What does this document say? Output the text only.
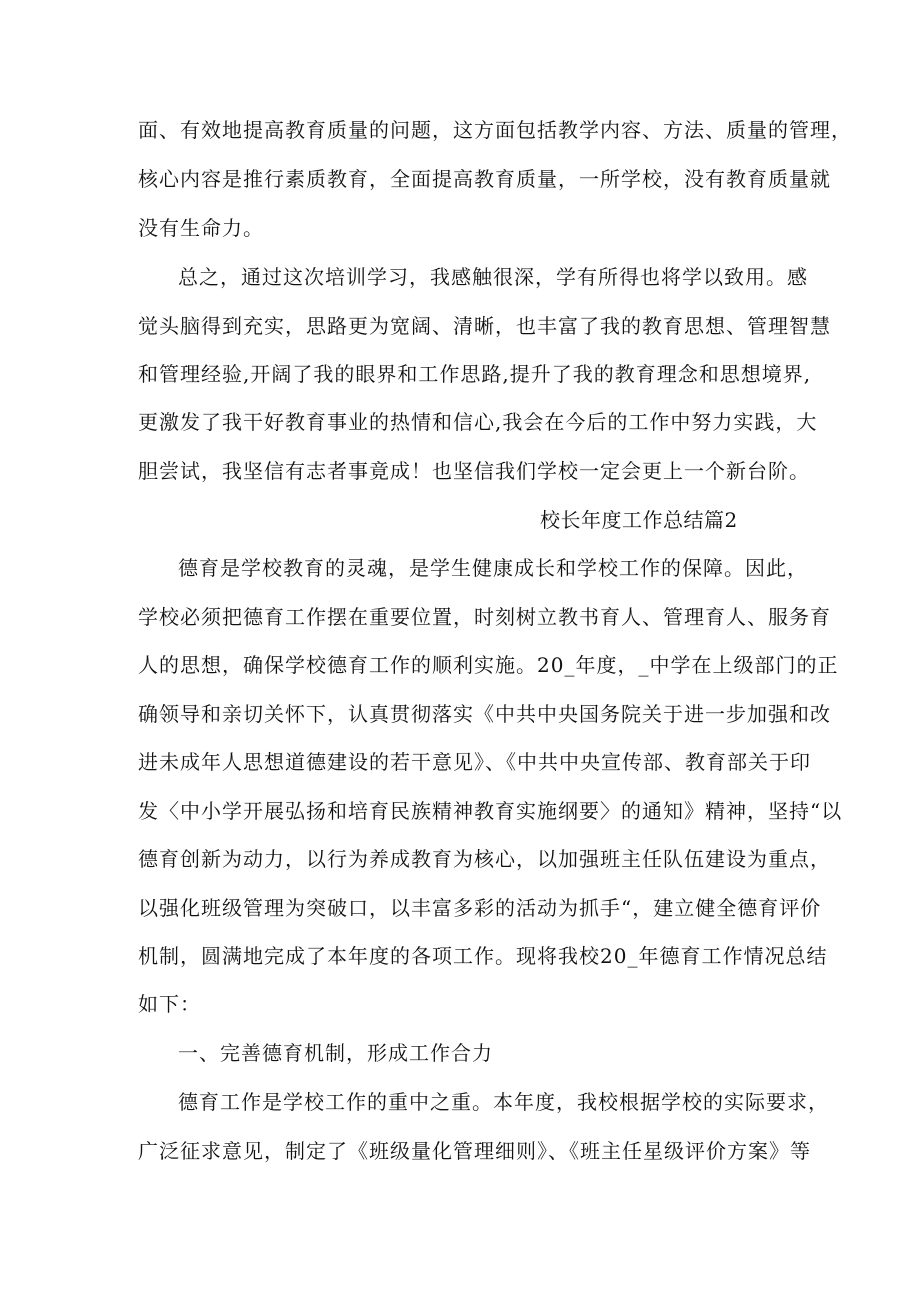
面、有效地提高教育质量的问题，这方面包括教学内容、方法、质量的管理，
核心内容是推行素质教育，全面提高教育质量，一所学校，没有教育质量就
没有生命力。
总之，通过这次培训学习，我感触很深，学有所得也将学以致用。感
觉头脑得到充实，思路更为宽阔、清晰，也丰富了我的教育思想、管理智慧
和管理经验,开阔了我的眼界和工作思路,提升了我的教育理念和思想境界,
更激发了我干好教育事业的热情和信心,我会在今后的工作中努力实践，大
胆尝试，我坚信有志者事竟成！也坚信我们学校一定会更上一个新台阶。
校长年度工作总结篇2
德育是学校教育的灵魂，是学生健康成长和学校工作的保障。因此，
学校必须把德育工作摆在重要位置，时刻树立教书育人、管理育人、服务育
人的思想，确保学校德育工作的顺利实施。20_年度，_中学在上级部门的正
确领导和亲切关怀下，认真贯彻落实《中共中央国务院关于进一步加强和改
进未成年人思想道德建设的若干意见》、《中共中央宣传部、教育部关于印
发〈中小学开展弘扬和培育民族精神教育实施纲要〉的通知》精神，坚持“以
德育创新为动力，以行为养成教育为核心，以加强班主任队伍建设为重点，
以强化班级管理为突破口，以丰富多彩的活动为抓手“，建立健全德育评价
机制，圆满地完成了本年度的各项工作。现将我校20_年德育工作情况总结
如下：
一、完善德育机制，形成工作合力
德育工作是学校工作的重中之重。本年度，我校根据学校的实际要求，
广泛征求意见，制定了《班级量化管理细则》、《班主任星级评价方案》等
